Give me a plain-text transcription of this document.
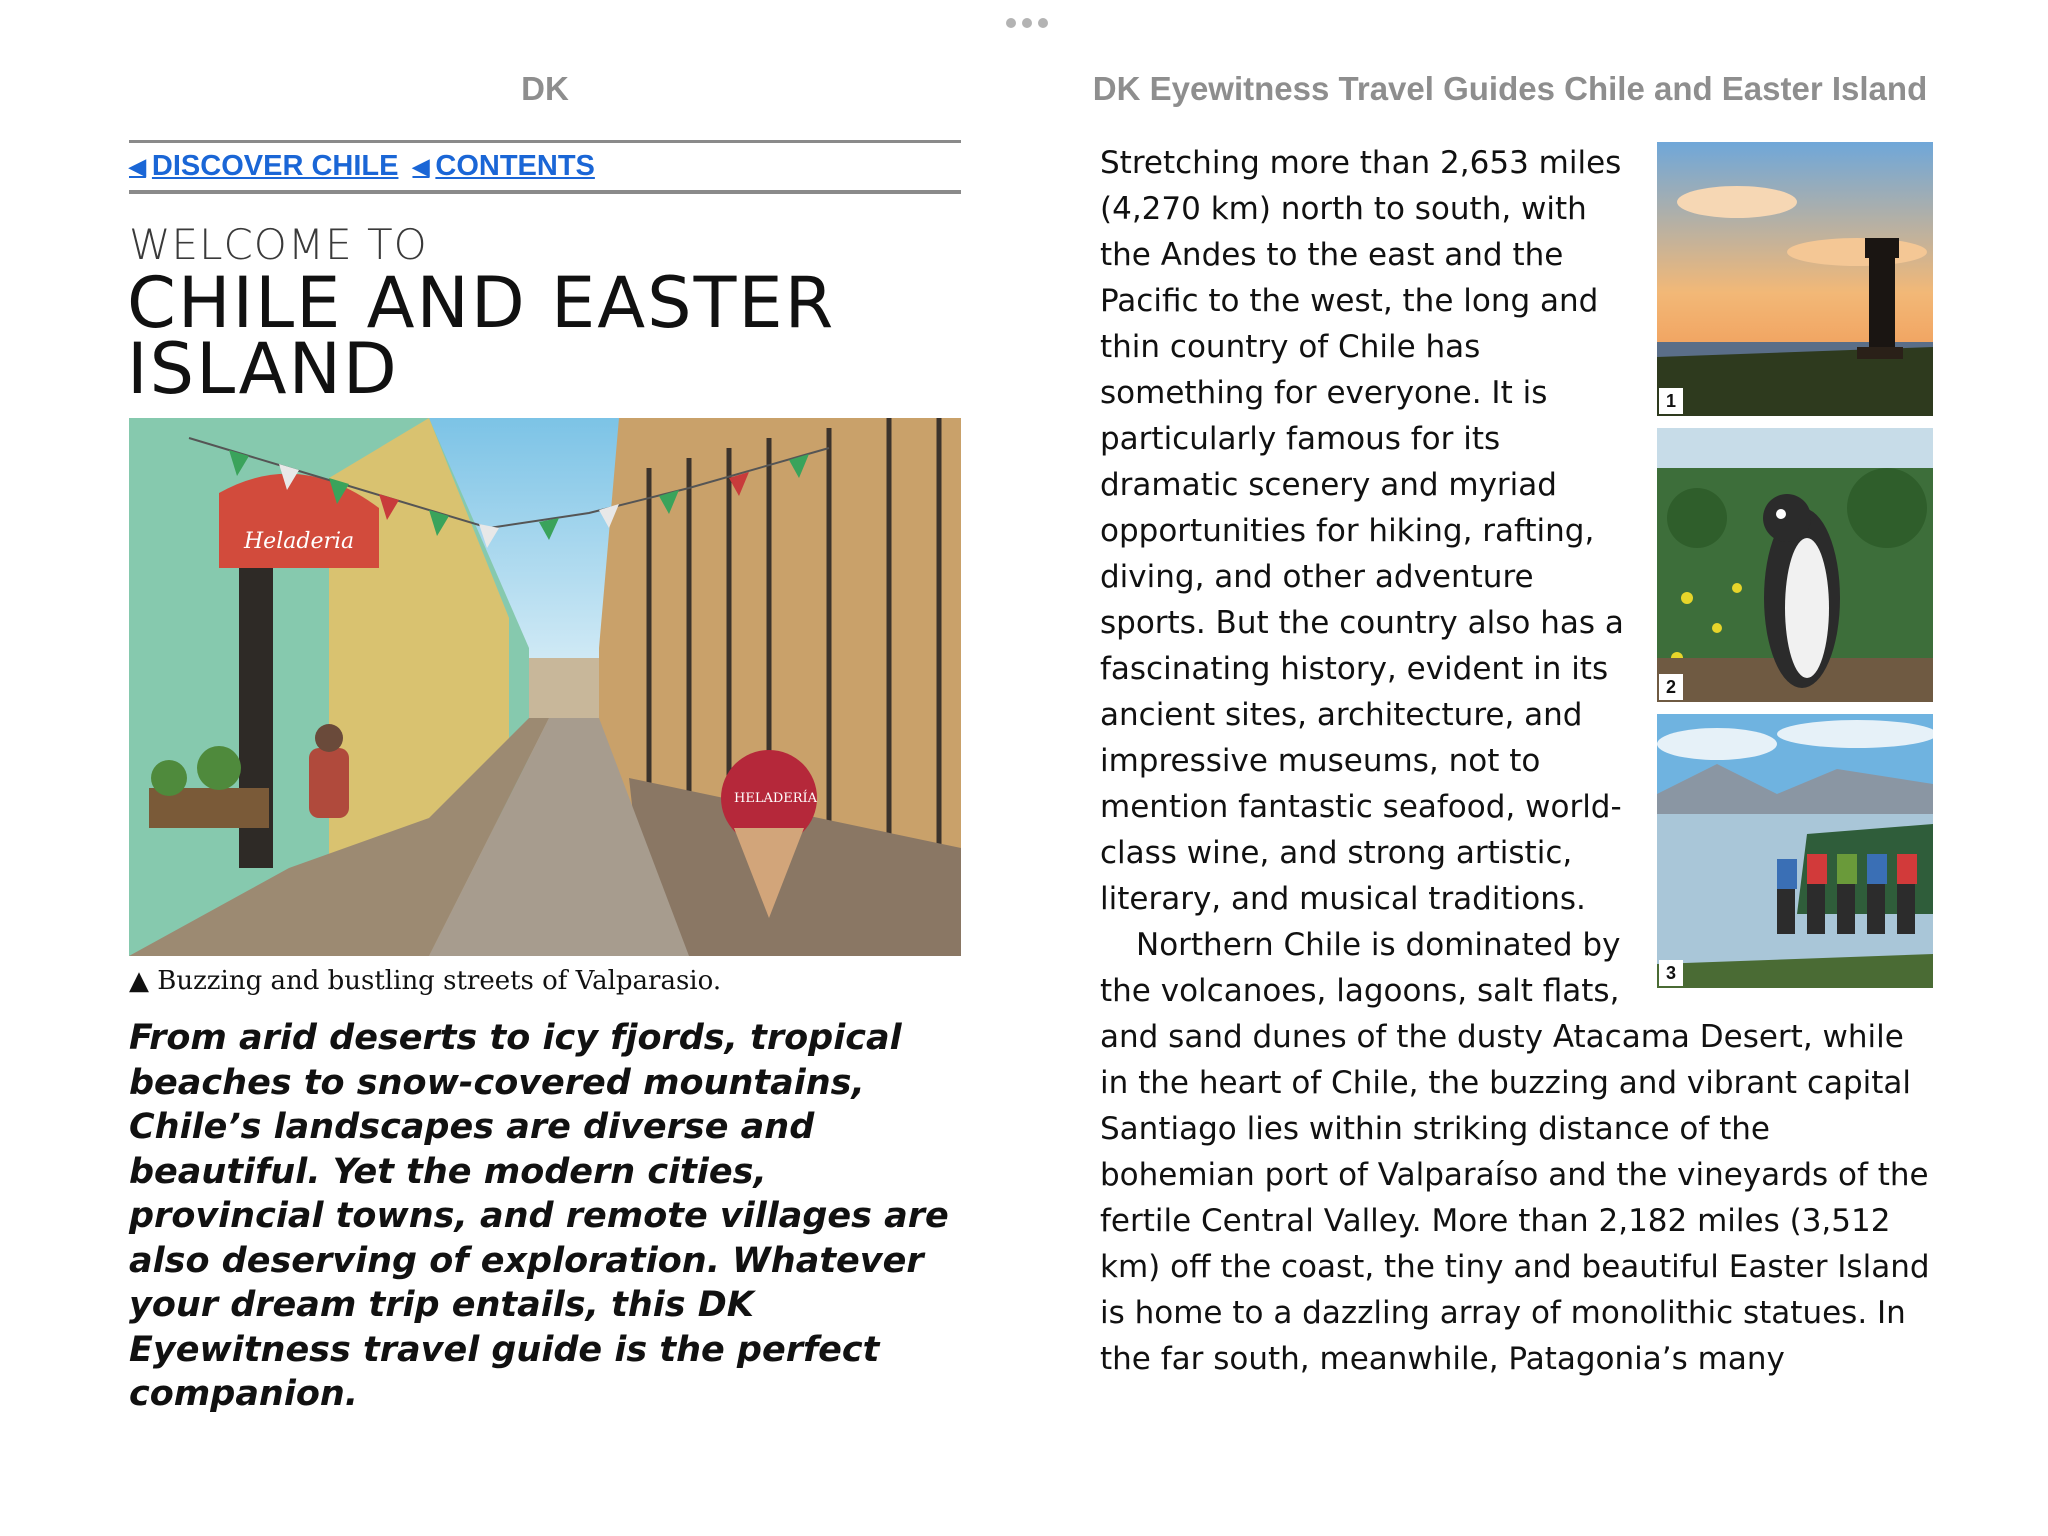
DK	DK Eyewitness Travel Guides Chile and Easter Island
◀ DISCOVER CHILE ◀ CONTENTS
WELCOME TO
CHILE AND EASTER ISLAND
Heladeria
HELADERÍA
▲ Buzzing and bustling streets of Valparasio.

From arid deserts to icy fjords, tropical beaches to snow-covered mountains, Chile’s landscapes are diverse and beautiful. Yet the modern cities, provincial towns, and remote villages are also deserving of exploration. Whatever your dream trip entails, this DK Eyewitness travel guide is the perfect companion.

Stretching more than 2,653 miles (4,270 km) north to south, with the Andes to the east and the Pacific to the west, the long and thin country of Chile has something for everyone. It is particularly famous for its dramatic scenery and myriad opportunities for hiking, rafting, diving, and other adventure sports. But the country also has a fascinating history, evident in its ancient sites, architecture, and impressive museums, not to mention fantastic seafood, world-class wine, and strong artistic, literary, and musical traditions.

Northern Chile is dominated by the volcanoes, lagoons, salt flats, and sand dunes of the dusty Atacama Desert, while in the heart of Chile, the buzzing and vibrant capital Santiago lies within striking distance of the bohemian port of Valparaíso and the vineyards of the fertile Central Valley. More than 2,182 miles (3,512 km) off the coast, the tiny and beautiful Easter Island is home to a dazzling array of monolithic statues. In the far south, meanwhile, Patagonia’s many

1
2
3
